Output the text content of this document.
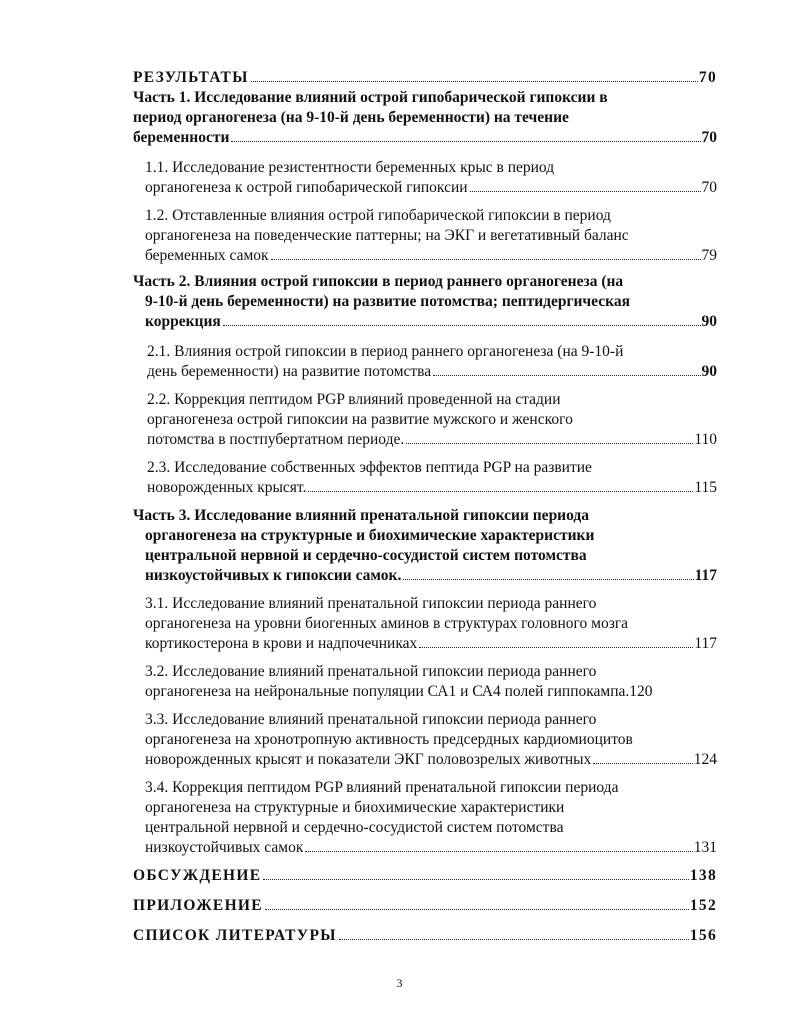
РЕЗУЛЬТАТЫ	70
Часть 1. Исследование влияний острой гипобарической гипоксии в
период органогенеза (на 9-10-й день беременности) на течение
беременности	70
1.1. Исследование резистентности беременных крыс в период
органогенеза к острой гипобарической гипоксии	70
1.2. Отставленные влияния острой гипобарической гипоксии в период
органогенеза на поведенческие паттерны; на ЭКГ и вегетативный баланс
беременных самок	79
Часть 2. Влияния острой гипоксии в период раннего органогенеза (на
9-10-й день беременности) на развитие потомства; пептидергическая
коррекция	90
2.1. Влияния острой гипоксии в период раннего органогенеза (на 9-10-й
день беременности) на развитие потомства	90
2.2. Коррекция пептидом PGP влияний проведенной на стадии
органогенеза острой гипоксии на развитие мужского и женского
потомства в постпубертатном периоде.	110
2.3. Исследование собственных эффектов пептида PGP на развитие
новорожденных крысят.	115
Часть 3. Исследование влияний пренатальной гипоксии периода
органогенеза на структурные и биохимические характеристики
центральной нервной и сердечно-сосудистой систем потомства
низкоустойчивых к гипоксии самок.	117
3.1. Исследование влияний пренатальной гипоксии периода раннего
органогенеза на уровни биогенных аминов в структурах головного мозга
кортикостерона в крови и надпочечниках	117
3.2. Исследование влияний пренатальной гипоксии периода раннего
органогенеза на нейрональные популяции СА1 и СА4 полей гиппокампа. 120
3.3. Исследование влияний пренатальной гипоксии периода раннего
органогенеза на хронотропную активность предсердных кардиомиоцитов
новорожденных крысят и показатели ЭКГ половозрелых животных	124
3.4. Коррекция пептидом PGP влияний пренатальной гипоксии периода
органогенеза на структурные и биохимические характеристики
центральной нервной и сердечно-сосудистой систем потомства
низкоустойчивых самок	131
ОБСУЖДЕНИЕ	138
ПРИЛОЖЕНИЕ	152
СПИСОК ЛИТЕРАТУРЫ	156
3
